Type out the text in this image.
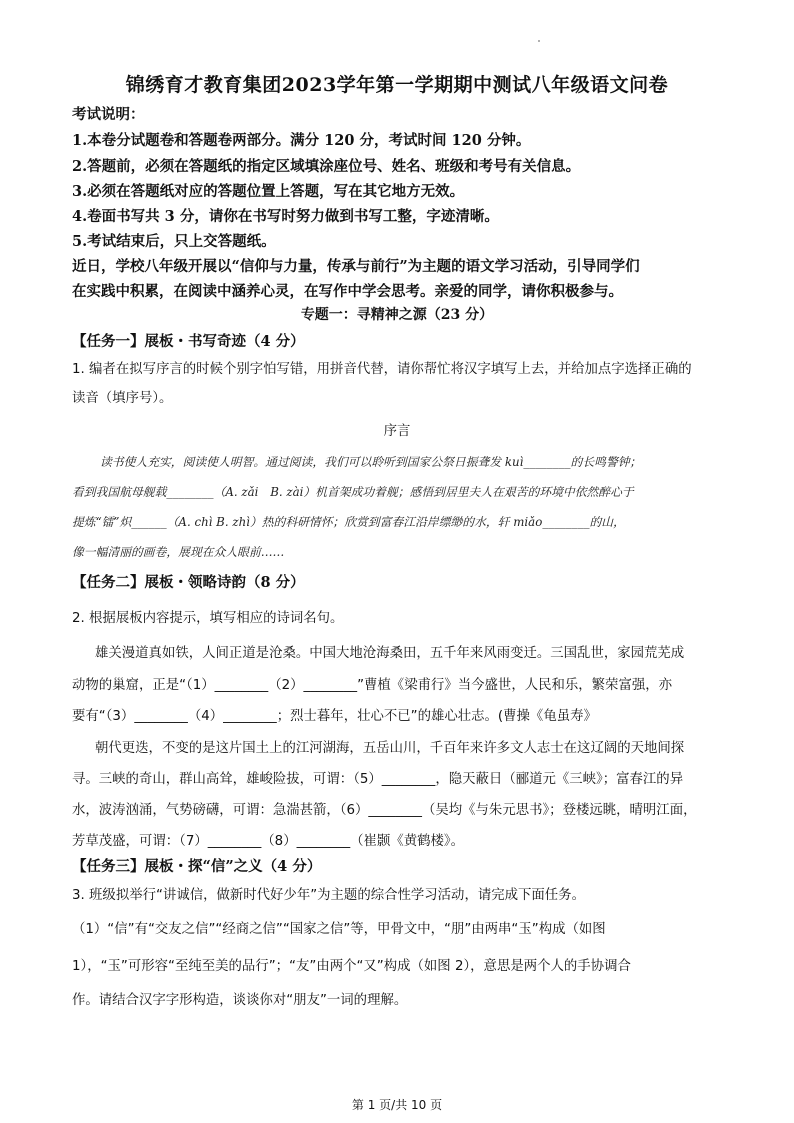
锦绣育才教育集团2023学年第一学期期中测试八年级语文问卷
考试说明：
1.本卷分试题卷和答题卷两部分。满分 120 分，考试时间 120 分钟。
2.答题前，必须在答题纸的指定区域填涂座位号、姓名、班级和考号有关信息。
3.必须在答题纸对应的答题位置上答题，写在其它地方无效。
4.卷面书写共 3 分，请你在书写时努力做到书写工整，字迹清晰。
5.考试结束后，只上交答题纸。
近日，学校八年级开展以“信仰与力量，传承与前行”为主题的语文学习活动，引导同学们
在实践中积累，在阅读中涵养心灵，在写作中学会思考。亲爱的同学，请你积极参与。
专题一：寻精神之源（23 分）
【任务一】展板・书写奇迹（4 分）
1. 编者在拟写序言的时候个别字怕写错，用拼音代替，请你帮忙将汉字填写上去，并给加点字选择正确的
读音（填序号）。
序言
读书使人充实，阅读使人明智。通过阅读，我们可以聆听到国家公祭日振聋发 kuì________的长鸣警钟；
看到我国航母舰载________（A. zǎi　B. zài）机首架成功着舰；感悟到居里夫人在艰苦的环境中依然醉心于
提炼“镭”炽______（A. chì B. zhì）热的科研情怀；欣赏到富春江沿岸缥缈的水，轩 miǎo________的山，
像一幅清丽的画卷，展现在众人眼前……
【任务二】展板・领略诗韵（8 分）
2. 根据展板内容提示，填写相应的诗词名句。
雄关漫道真如铁，人间正道是沧桑。中国大地沧海桑田，五千年来风雨变迁。三国乱世，家园荒芜成
动物的巢窟，正是“（1）________（2）________”曹植《梁甫行》当今盛世，人民和乐，繁荣富强，亦
要有“（3）________（4）________；烈士暮年，壮心不已”的雄心壮志。(曹操《龟虽寿》
朝代更迭，不变的是这片国土上的江河湖海，五岳山川，千百年来许多文人志士在这辽阔的天地间探
寻。三峡的奇山，群山高耸，雄峻险拔，可谓：（5）________，隐天蔽日（郦道元《三峡》；富春江的异
水，波涛汹涌，气势磅礴，可谓：急湍甚箭，（6）________（吴均《与朱元思书》；登楼远眺，晴明江面，
芳草茂盛，可谓：（7）________（8）________（崔颢《黄鹤楼》。
【任务三】展板・探“信”之义（4 分）
3. 班级拟举行“讲诚信，做新时代好少年”为主题的综合性学习活动，请完成下面任务。
（1）“信”有“交友之信”“经商之信”“国家之信”等，甲骨文中，“朋”由两串“玉”构成（如图
1），“玉”可形容“至纯至美的品行”；“友”由两个“又”构成（如图 2），意思是两个人的手协调合
作。请结合汉字字形构造，谈谈你对“朋友”一词的理解。
第 1 页/共 10 页
